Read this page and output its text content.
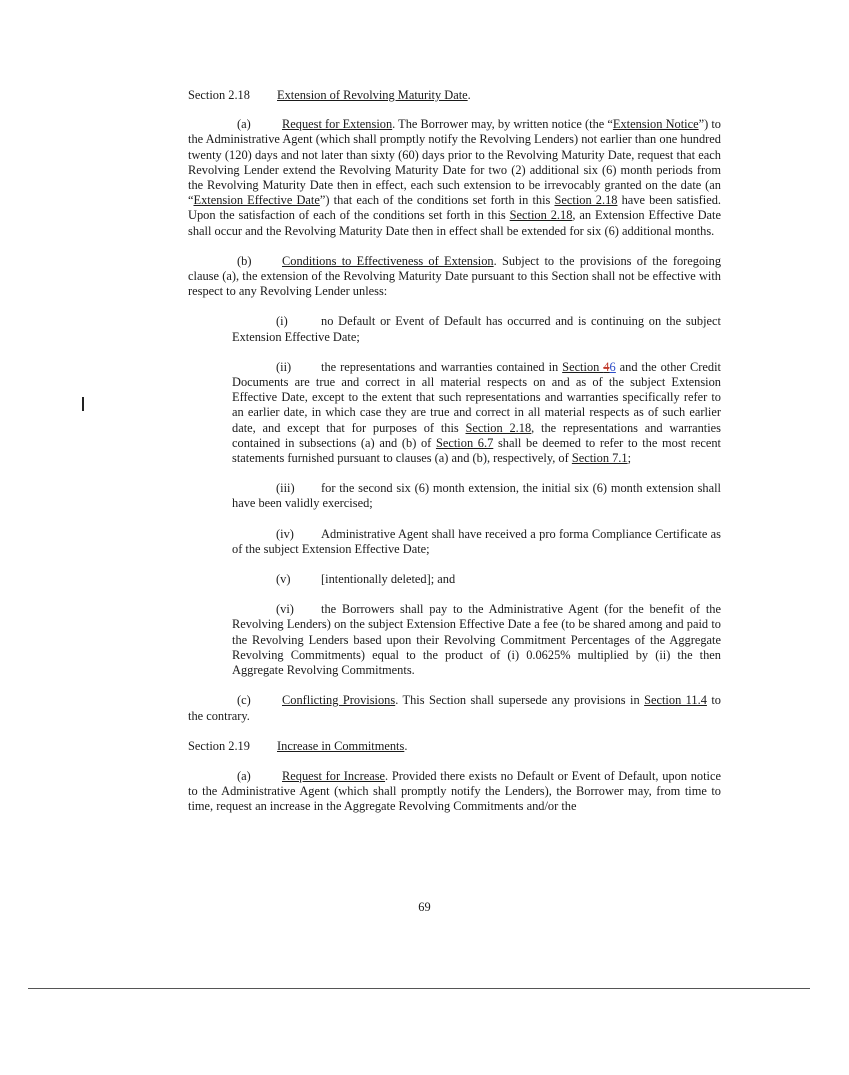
Section 2.18 Extension of Revolving Maturity Date.

(a)	Request for Extension. The Borrower may, by written notice (the “Extension Notice”) to the Administrative Agent (which shall promptly notify the Revolving Lenders) not earlier than one hundred twenty (120) days and not later than sixty (60) days prior to the Revolving Maturity Date, request that each Revolving Lender extend the Revolving Maturity Date for two (2) additional six (6) month periods from the Revolving Maturity Date then in effect, each such extension to be irrevocably granted on the date (an “Extension Effective Date”) that each of the conditions set forth in this Section 2.18 have been satisfied. Upon the satisfaction of each of the conditions set forth in this Section 2.18, an Extension Effective Date shall occur and the Revolving Maturity Date then in effect shall be extended for six (6) additional months.

(b) Conditions to Effectiveness of Extension. Subject to the provisions of the foregoing clause (a), the extension of the Revolving Maturity Date pursuant to this Section shall not be effective with respect to any Revolving Lender unless:

(i)	no Default or Event of Default has occurred and is continuing on the subject Extension Effective Date;

(ii) the representations and warranties contained in Section 46 and the other Credit Documents are true and correct in all material respects on and as of the subject Extension Effective Date, except to the extent that such representations and warranties specifically refer to an earlier date, in which case they are true and correct in all material respects as of such earlier date, and except that for purposes of this Section 2.18, the representations and warranties contained in subsections (a) and (b) of Section 6.7 shall be deemed to refer to the most recent statements furnished pursuant to clauses (a) and (b), respectively, of Section 7.1;

(iii) for the second six (6) month extension, the initial six (6) month extension shall have been validly exercised;

(iv) Administrative Agent shall have received a pro forma Compliance Certificate as of the subject Extension Effective Date;

(v) [intentionally deleted]; and

(vi) the Borrowers shall pay to the Administrative Agent (for the benefit of the Revolving Lenders) on the subject Extension Effective Date a fee (to be shared among and paid to the Revolving Lenders based upon their Revolving Commitment Percentages of the Aggregate Revolving Commitments) equal to the product of (i) 0.0625% multiplied by (ii) the then Aggregate Revolving Commitments.

(c)	Conflicting Provisions. This Section shall supersede any provisions in Section 11.4 to the contrary.

Section 2.19 Increase in Commitments.

(a)	Request for Increase. Provided there exists no Default or Event of Default, upon notice to the Administrative Agent (which shall promptly notify the Lenders), the Borrower may, from time to time, request an increase in the Aggregate Revolving Commitments and/or the

69
